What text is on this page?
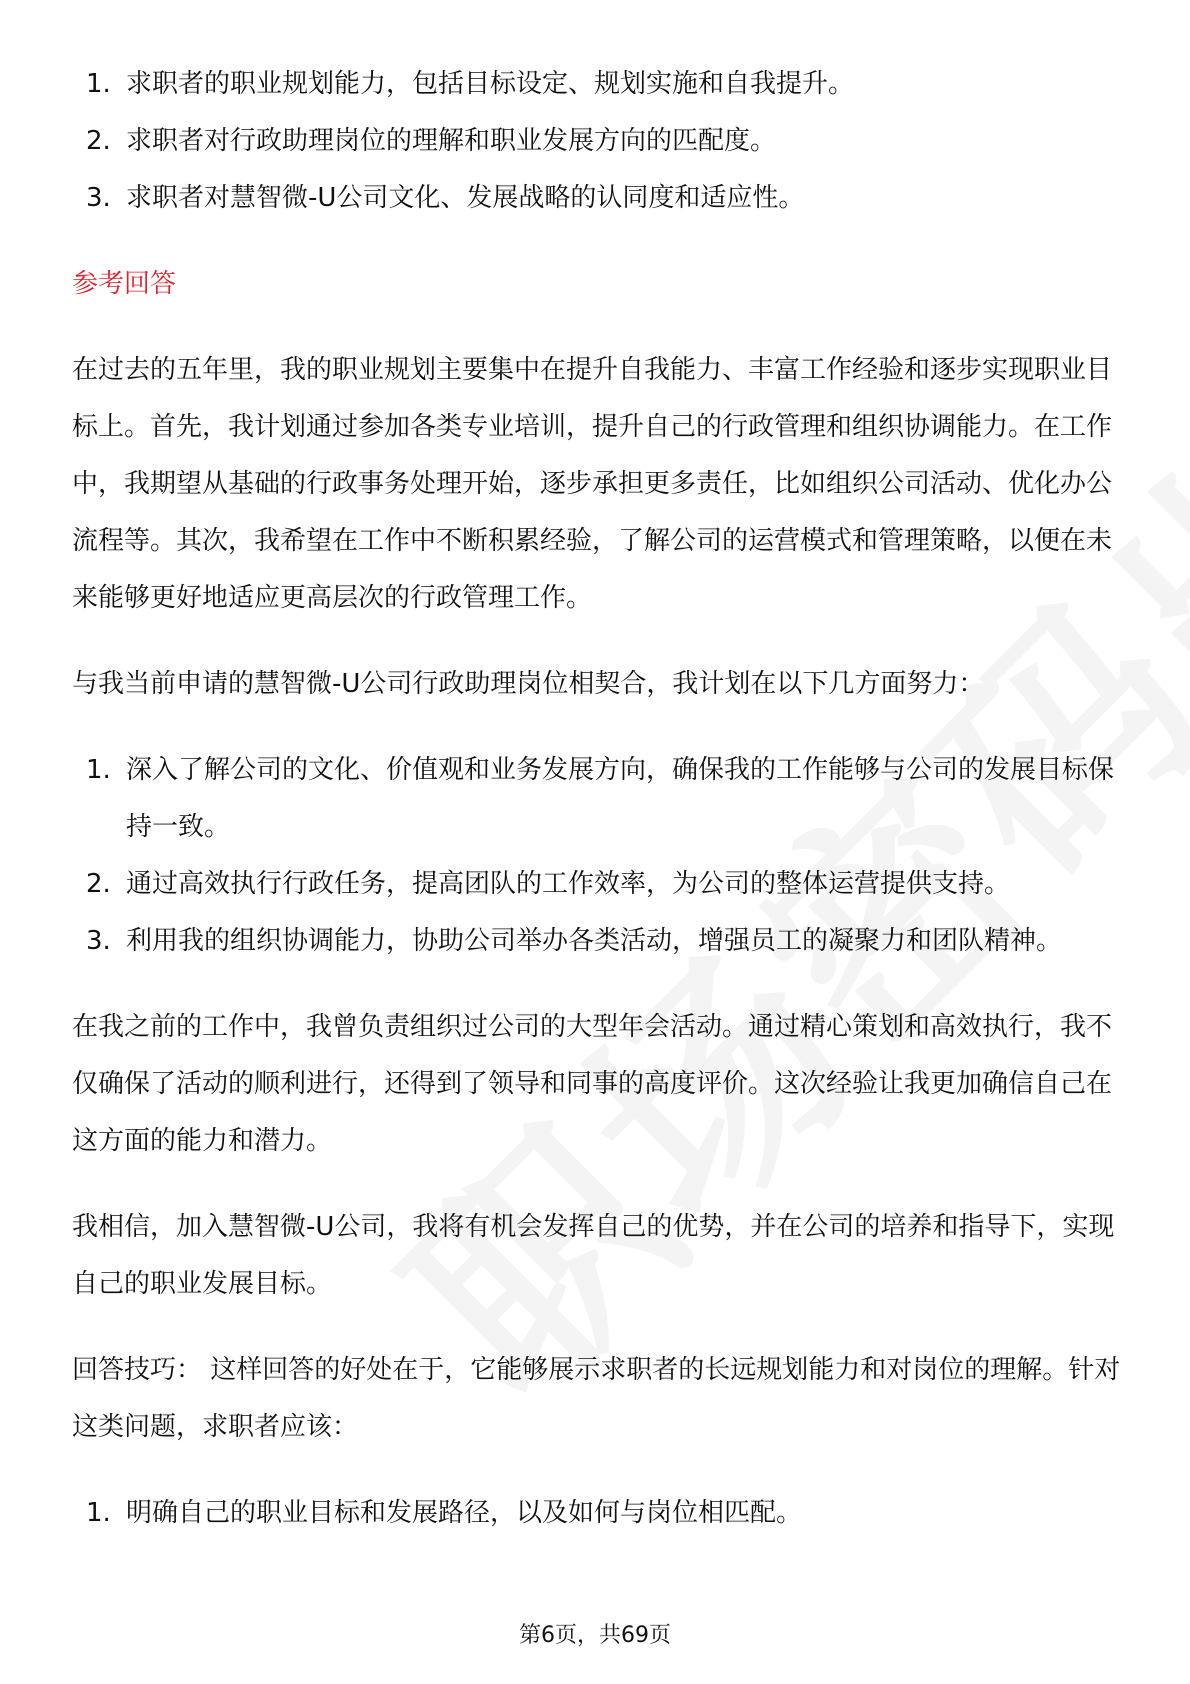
1. 求职者的职业规划能力，包括目标设定、规划实施和自我提升。
2. 求职者对行政助理岗位的理解和职业发展方向的匹配度。
3. 求职者对慧智微-U公司文化、发展战略的认同度和适应性。

参考回答

在过去的五年里，我的职业规划主要集中在提升自我能力、丰富工作经验和逐步实现职业目标上。首先，我计划通过参加各类专业培训，提升自己的行政管理和组织协调能力。在工作中，我期望从基础的行政事务处理开始，逐步承担更多责任，比如组织公司活动、优化办公流程等。其次，我希望在工作中不断积累经验，了解公司的运营模式和管理策略，以便在未来能够更好地适应更高层次的行政管理工作。

与我当前申请的慧智微-U公司行政助理岗位相契合，我计划在以下几方面努力：

1. 深入了解公司的文化、价值观和业务发展方向，确保我的工作能够与公司的发展目标保持一致。
2. 通过高效执行行政任务，提高团队的工作效率，为公司的整体运营提供支持。
3. 利用我的组织协调能力，协助公司举办各类活动，增强员工的凝聚力和团队精神。

在我之前的工作中，我曾负责组织过公司的大型年会活动。通过精心策划和高效执行，我不仅确保了活动的顺利进行，还得到了领导和同事的高度评价。这次经验让我更加确信自己在这方面的能力和潜力。

我相信，加入慧智微-U公司，我将有机会发挥自己的优势，并在公司的培养和指导下，实现自己的职业发展目标。

回答技巧： 这样回答的好处在于，它能够展示求职者的长远规划能力和对岗位的理解。针对这类问题，求职者应该：

1. 明确自己的职业目标和发展路径，以及如何与岗位相匹配。
第6页，共69页
